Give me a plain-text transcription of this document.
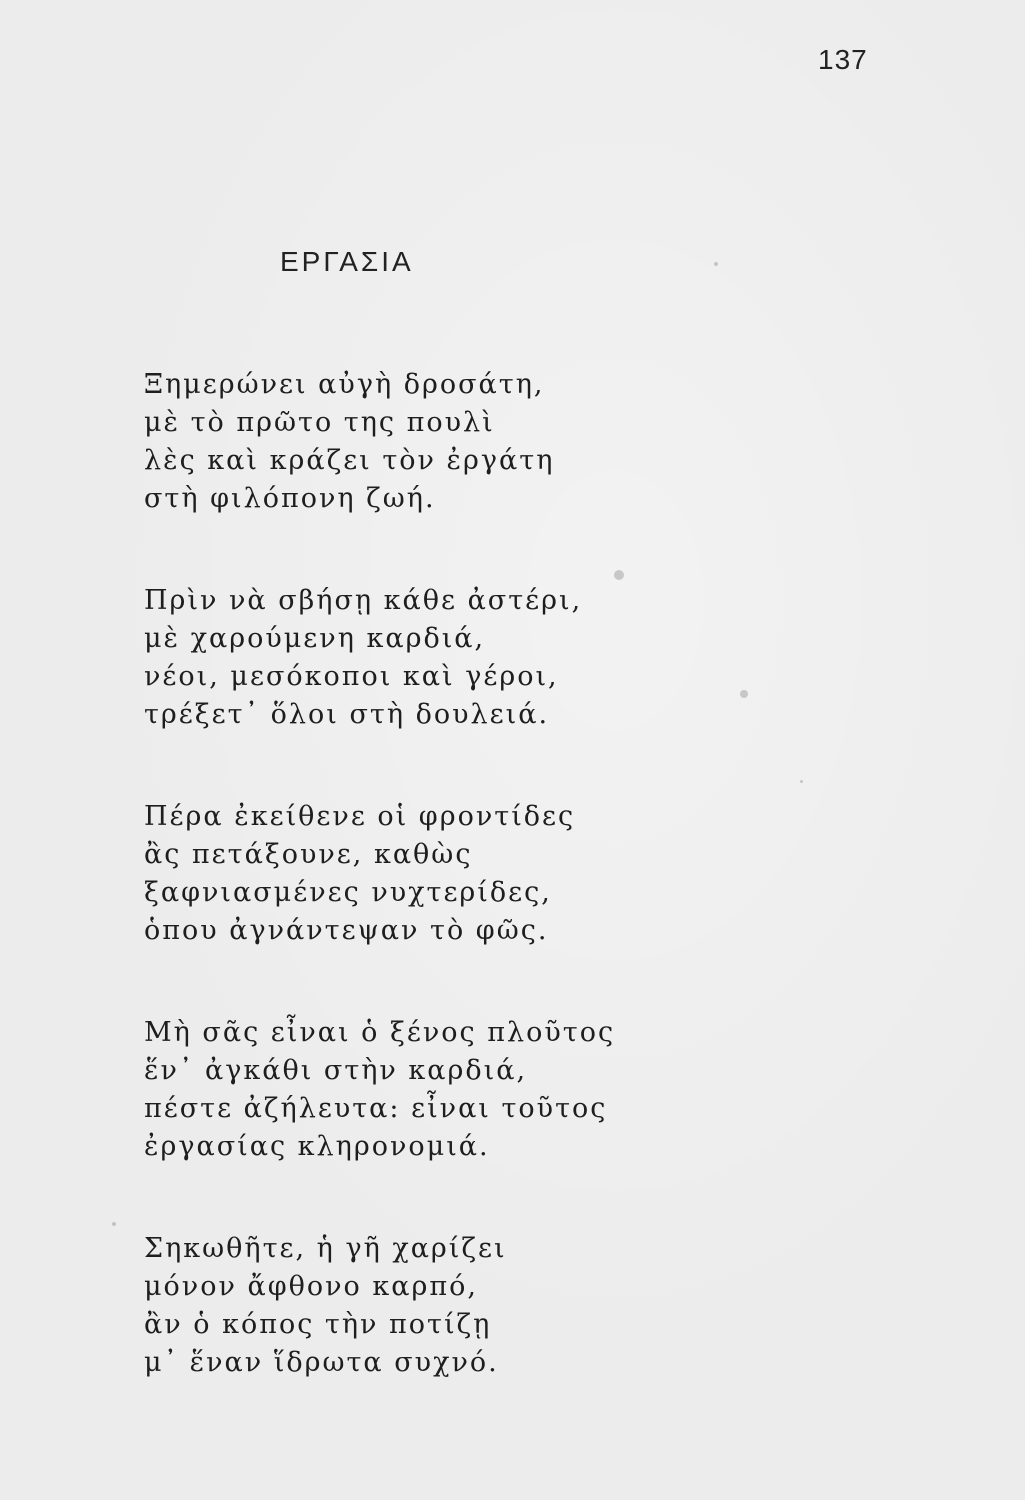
137
ΕΡΓΑΣΙΑ
Ξημερώνει αὐγὴ δροσάτη,
μὲ τὸ πρῶτο της πουλὶ
λὲς καὶ κράζει τὸν ἐργάτη
στὴ φιλόπονη ζωή.
Πρὶν νὰ σβήσῃ κάθε ἀστέρι,
μὲ χαρούμενη καρδιά,
νέοι, μεσόκοποι καὶ γέροι,
τρέξετ᾽ ὅλοι στὴ δουλειά.
Πέρα ἐκείθενε οἱ φροντίδες
ἂς πετάξουνε, καθὼς
ξαφνιασμένες νυχτερίδες,
ὁπου ἀγνάντεψαν τὸ φῶς.
Μὴ σᾶς εἶναι ὁ ξένος πλοῦτος
ἕν᾽ ἀγκάθι στὴν καρδιά,
πέστε ἀζήλευτα: εἶναι τοῦτος
ἐργασίας κληρονομιά.
Σηκωθῆτε, ἡ γῆ χαρίζει
μόνον ἄφθονο καρπό,
ἂν ὁ κόπος τὴν ποτίζῃ
μ᾽ ἕναν ἵδρωτα συχνό.
